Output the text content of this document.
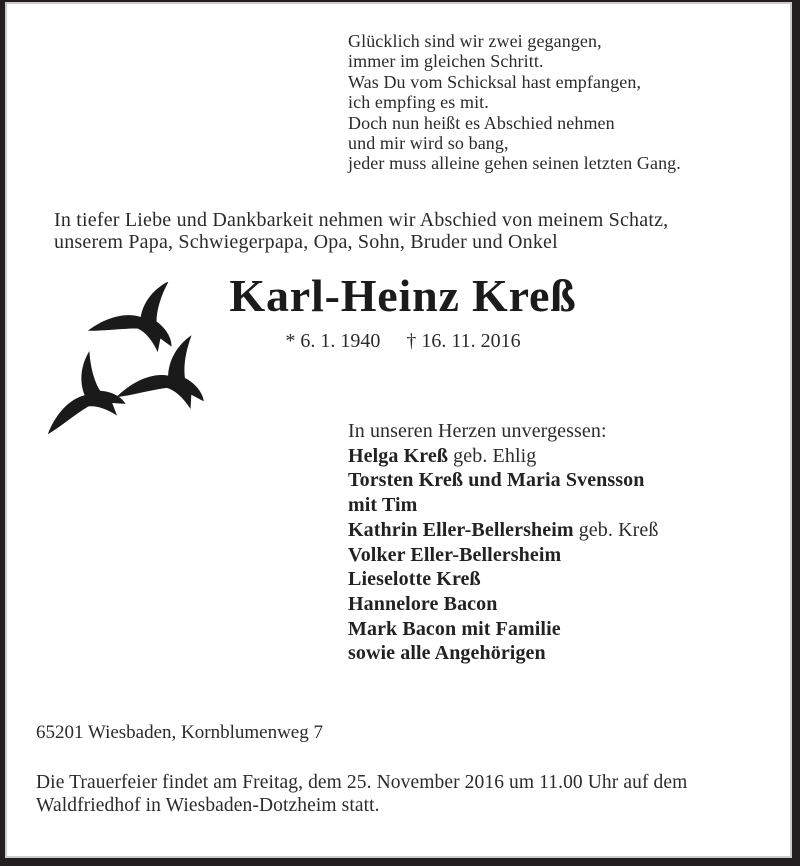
Glücklich sind wir zwei gegangen,
immer im gleichen Schritt.
Was Du vom Schicksal hast empfangen,
ich empfing es mit.
Doch nun heißt es Abschied nehmen
und mir wird so bang,
jeder muss alleine gehen seinen letzten Gang.
In tiefer Liebe und Dankbarkeit nehmen wir Abschied von meinem Schatz,
unserem Papa, Schwiegerpapa, Opa, Sohn, Bruder und Onkel
Karl-Heinz Kreß
* 6. 1. 1940 † 16. 11. 2016
In unseren Herzen unvergessen:
Helga Kreß geb. Ehlig
Torsten Kreß und Maria Svensson
mit Tim
Kathrin Eller-Bellersheim geb. Kreß
Volker Eller-Bellersheim
Lieselotte Kreß
Hannelore Bacon
Mark Bacon mit Familie
sowie alle Angehörigen
65201 Wiesbaden, Kornblumenweg 7
Die Trauerfeier findet am Freitag, dem 25. November 2016 um 11.00 Uhr auf dem
Waldfriedhof in Wiesbaden-Dotzheim statt.
